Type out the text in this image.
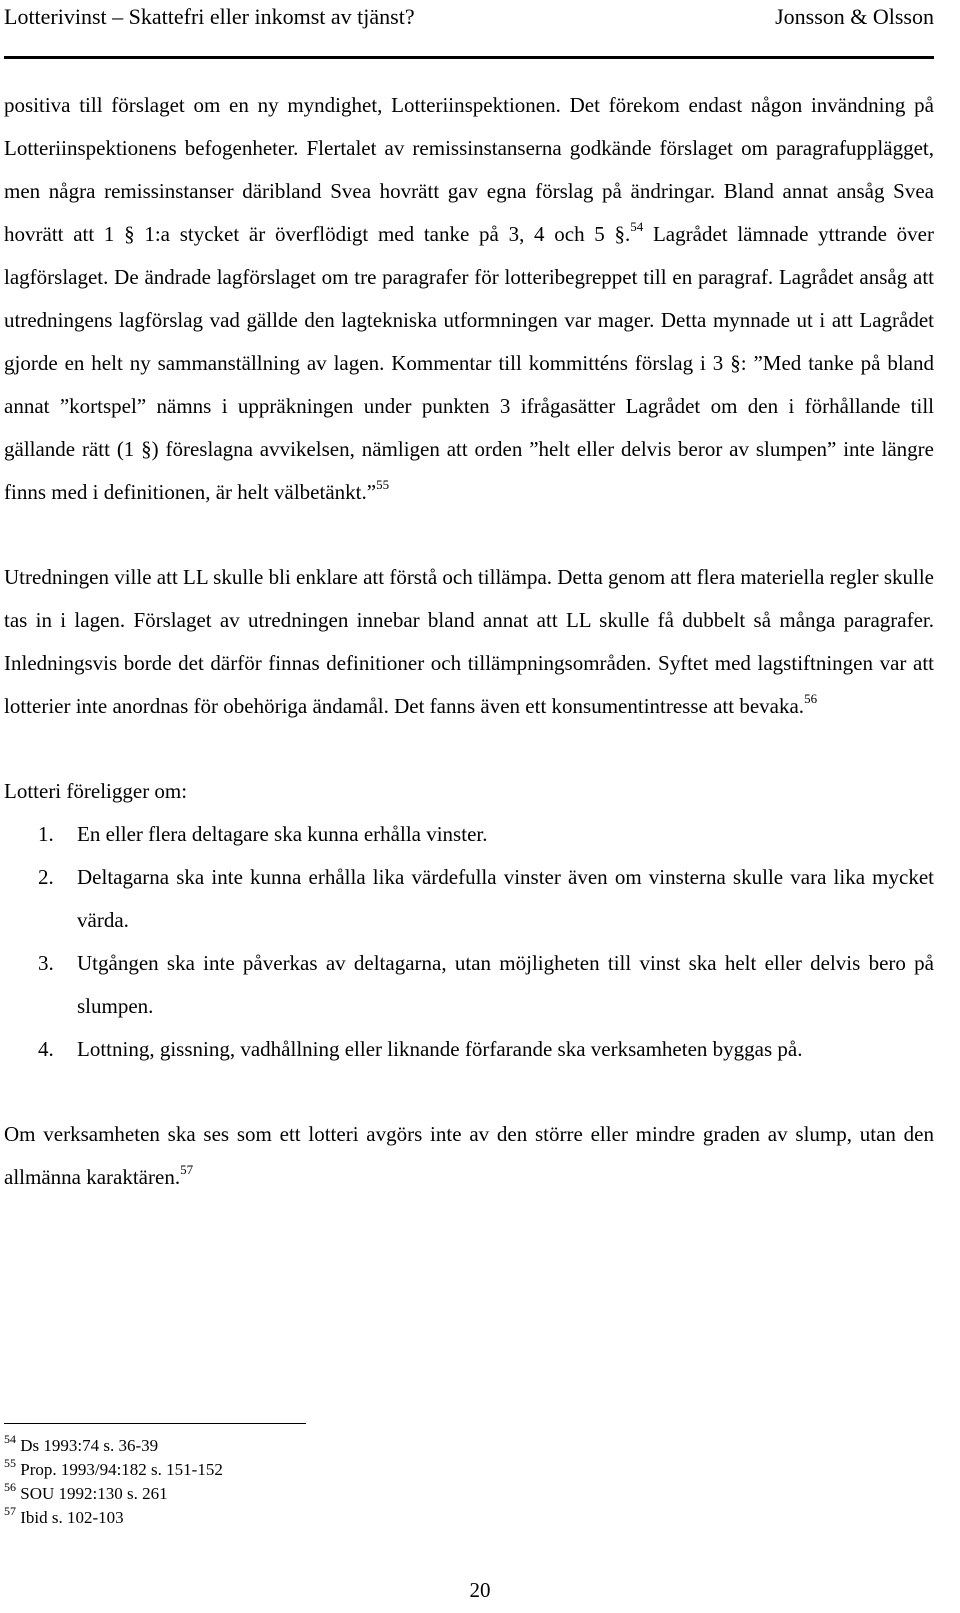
Lotterivinst – Skattefri eller inkomst av tjänst?	Jonsson & Olsson

positiva till förslaget om en ny myndighet, Lotteriinspektionen. Det förekom endast någon invändning på Lotteriinspektionens befogenheter. Flertalet av remissinstanserna godkände förslaget om paragrafupplägget, men några remissinstanser däribland Svea hovrätt gav egna förslag på ändringar. Bland annat ansåg Svea hovrätt att 1 § 1:a stycket är överflödigt med tanke på 3, 4 och 5 §.$^{54}$ Lagrådet lämnade yttrande över lagförslaget. De ändrade lagförslaget om tre paragrafer för lotteribegreppet till en paragraf. Lagrådet ansåg att utredningens lagförslag vad gällde den lagtekniska utformningen var mager. Detta mynnade ut i att Lagrådet gjorde en helt ny sammanställning av lagen. Kommentar till kommitténs förslag i 3 §: ”Med tanke på bland annat ”kortspel” nämns i uppräkningen under punkten 3 ifrågasätter Lagrådet om den i förhållande till gällande rätt (1 §) föreslagna avvikelsen, nämligen att orden ”helt eller delvis beror av slumpen” inte längre finns med i definitionen, är helt välbetänkt.”$^{55}$

Utredningen ville att LL skulle bli enklare att förstå och tillämpa. Detta genom att flera materiella regler skulle tas in i lagen. Förslaget av utredningen innebar bland annat att LL skulle få dubbelt så många paragrafer. Inledningsvis borde det därför finnas definitioner och tillämpningsområden. Syftet med lagstiftningen var att lotterier inte anordnas för obehöriga ändamål. Det fanns även ett konsumentintresse att bevaka.$^{56}$

Lotteri föreligger om:

1. En eller flera deltagare ska kunna erhålla vinster.
2. Deltagarna ska inte kunna erhålla lika värdefulla vinster även om vinsterna skulle vara lika mycket värda.
3. Utgången ska inte påverkas av deltagarna, utan möjligheten till vinst ska helt eller delvis bero på slumpen.
4. Lottning, gissning, vadhållning eller liknande förfarande ska verksamheten byggas på.

Om verksamheten ska ses som ett lotteri avgörs inte av den större eller mindre graden av slump, utan den allmänna karaktären.$^{57}$

$^{54}$ Ds 1993:74 s. 36-39
$^{55}$ Prop. 1993/94:182 s. 151-152
$^{56}$ SOU 1992:130 s. 261
$^{57}$ Ibid s. 102-103
20
